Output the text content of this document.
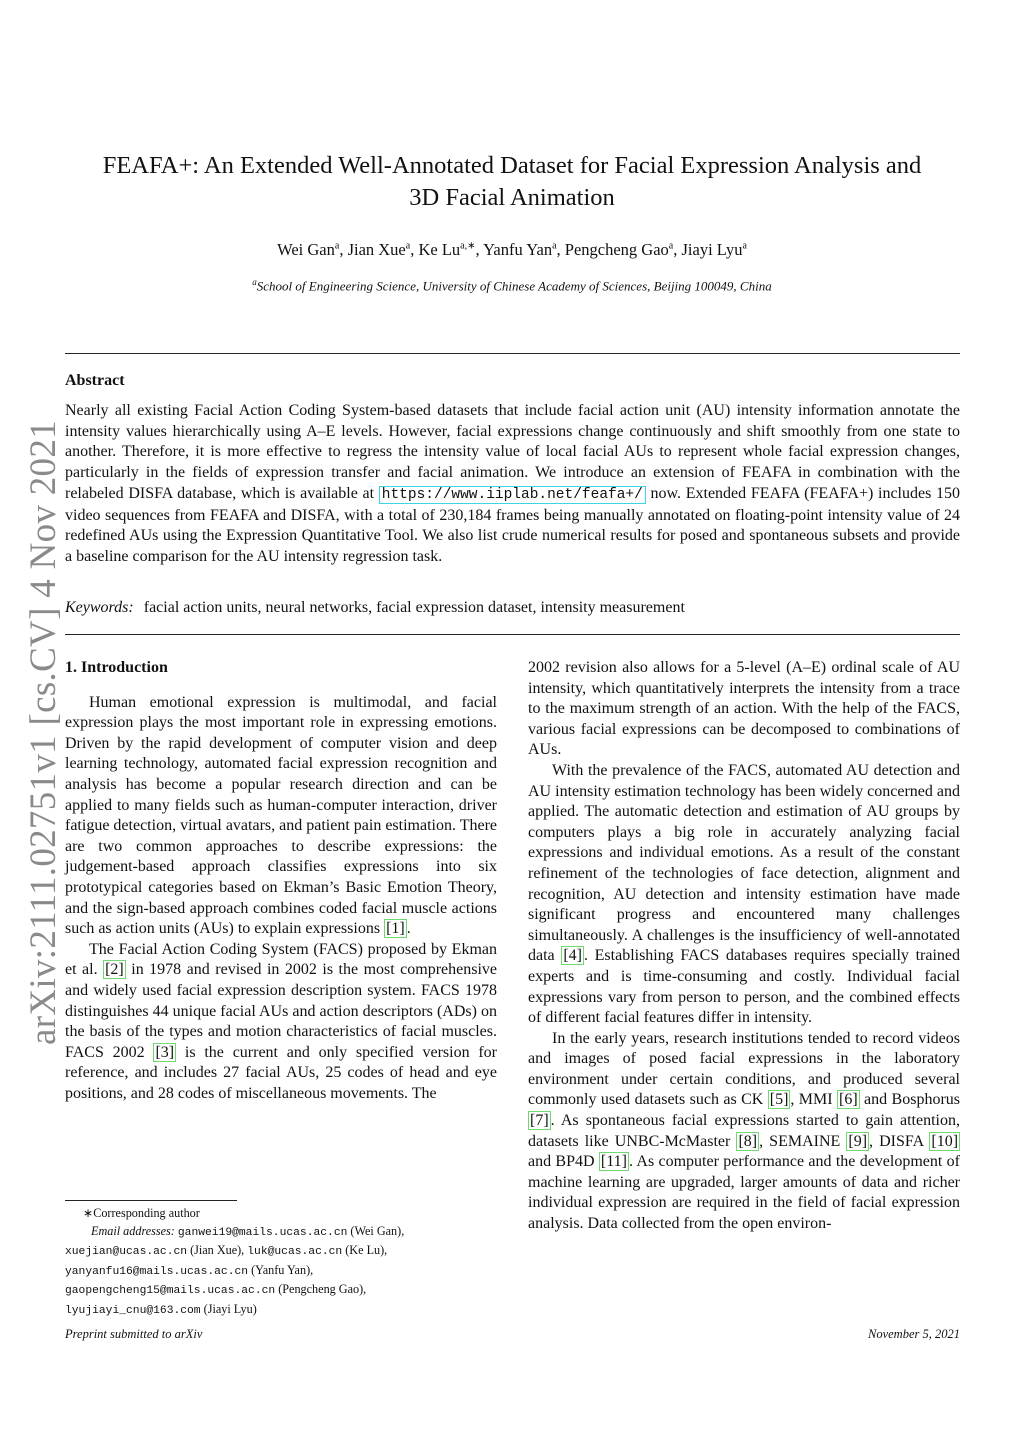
arXiv:2111.02751v1 [cs.CV] 4 Nov 2021
FEAFA+: An Extended Well-Annotated Dataset for Facial Expression Analysis and
3D Facial Animation
Wei Gan$^a$, Jian Xue$^a$, Ke $Lu^{a,∗}$, Yanfu Yan$^a$, Pengcheng Gao$^a$, Jiayi Lyu$^a$
$^a$School of Engineering Science, University of Chinese Academy of Sciences, Beijing 100049, China
Abstract
Nearly all existing Facial Action Coding System-based datasets that include facial action unit (AU) intensity information annotate the intensity values hierarchically using A–E levels. However, facial expressions change continuously and shift smoothly from one state to another. Therefore, it is more effective to regress the intensity value of local facial AUs to represent whole facial expression changes, particularly in the fields of expression transfer and facial animation. We introduce an extension of FEAFA in combination with the relabeled DISFA database, which is available at https://www.iiplab.net/feafa+/ now. Extended FEAFA (FEAFA+) includes 150 video sequences from FEAFA and DISFA, with a total of 230,184 frames being manually annotated on floating-point intensity value of 24 redefined AUs using the Expression Quantitative Tool. We also list crude numerical results for posed and spontaneous subsets and provide a baseline comparison for the AU intensity regression task.
Keywords: facial action units, neural networks, facial expression dataset, intensity measurement
1. Introduction

Human emotional expression is multimodal, and facial expression plays the most important role in expressing emotions. Driven by the rapid development of computer vision and deep learning technology, automated facial expression recognition and analysis has become a popular research direction and can be applied to many fields such as human-computer interaction, driver fatigue detection, virtual avatars, and patient pain estimation. There are two common approaches to describe expressions: the judgement-based approach classifies expressions into six prototypical categories based on Ekman’s Basic Emotion Theory, and the sign-based approach combines coded facial muscle actions such as action units (AUs) to explain expressions [1] .

The Facial Action Coding System (FACS) proposed by Ekman et al. [2] in 1978 and revised in 2002 is the most comprehensive and widely used facial expression description system. FACS 1978 distinguishes 44 unique facial AUs and action descriptors (ADs) on the basis of the types and motion characteristics of facial muscles. FACS 2002 [3] is the current and only specified version for reference, and includes 27 facial AUs, 25 codes of head and eye positions, and 28 codes of miscellaneous movements. The

2002 revision also allows for a 5-level (A–E) ordinal scale of AU intensity, which quantitatively interprets the intensity from a trace to the maximum strength of an action. With the help of the FACS, various facial expressions can be decomposed to combinations of AUs.

With the prevalence of the FACS, automated AU detection and AU intensity estimation technology has been widely concerned and applied. The automatic detection and estimation of AU groups by computers plays a big role in accurately analyzing facial expressions and individual emotions. As a result of the constant refinement of the technologies of face detection, alignment and recognition, AU detection and intensity estimation have made significant progress and encountered many challenges simultaneously. A challenges is the insufficiency of well-annotated data [4] . Establishing FACS databases requires specially trained experts and is time-consuming and costly. Individual facial expressions vary from person to person, and the combined effects of different facial features differ in intensity.

In the early years, research institutions tended to record videos and images of posed facial expressions in the laboratory environment under certain conditions, and produced several commonly used datasets such as CK [5] , MMI [6] and Bosphorus [7] . As spontaneous facial expressions started to gain attention, datasets like UNBC-McMaster [8] , SEMAINE [9] , DISFA [10] and BP4D [11] . As computer performance and the development of machine learning are upgraded, larger amounts of data and richer individual expression are required in the field of facial expression analysis. Data collected from the open environ-

∗Corresponding author
Email addresses: ganwei19@mails.ucas.ac.cn (Wei Gan),
xuejian@ucas.ac.cn (Jian Xue), luk@ucas.ac.cn (Ke Lu),
yanyanfu16@mails.ucas.ac.cn (Yanfu Yan),
gaopengcheng15@mails.ucas.ac.cn (Pengcheng Gao),
lyujiayi_cnu@163.com (Jiayi Lyu)
Preprint submitted to arXiv	November 5, 2021
